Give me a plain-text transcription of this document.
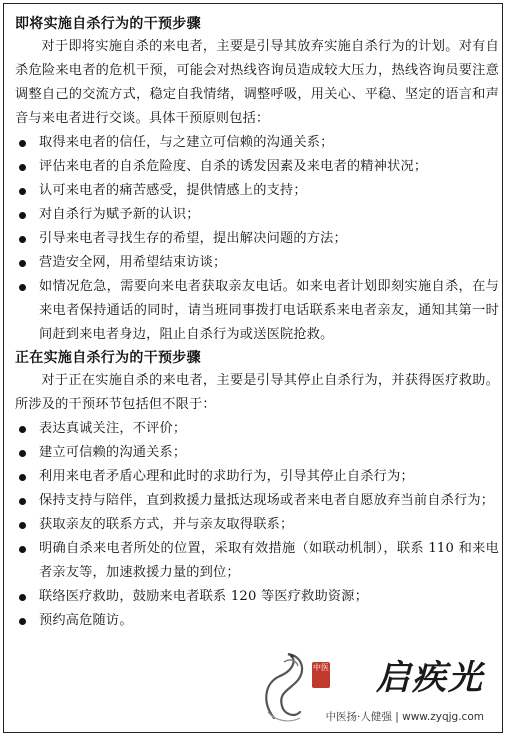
即将实施自杀行为的干预步骤

对于即将实施自杀的来电者，主要是引导其放弃实施自杀行为的计划。对有自杀危险来电者的危机干预，可能会对热线咨询员造成较大压力，热线咨询员要注意调整自己的交流方式，稳定自我情绪，调整呼吸，用关心、平稳、坚定的语言和声音与来电者进行交谈。具体干预原则包括：

取得来电者的信任，与之建立可信赖的沟通关系；
评估来电者的自杀危险度、自杀的诱发因素及来电者的精神状况；
认可来电者的痛苦感受，提供情感上的支持；
对自杀行为赋予新的认识；
引导来电者寻找生存的希望，提出解决问题的方法；
营造安全网，用希望结束访谈；
如情况危急，需要向来电者获取亲友电话。如来电者计划即刻实施自杀，在与来电者保持通话的同时，请当班同事拨打电话联系来电者亲友，通知其第一时间赶到来电者身边，阻止自杀行为或送医院抢救。
正在实施自杀行为的干预步骤

对于正在实施自杀的来电者，主要是引导其停止自杀行为，并获得医疗救助。所涉及的干预环节包括但不限于：

表达真诚关注，不评价；
建立可信赖的沟通关系；
利用来电者矛盾心理和此时的求助行为，引导其停止自杀行为；
保持支持与陪伴，直到救援力量抵达现场或者来电者自愿放弃当前自杀行为；
获取亲友的联系方式，并与亲友取得联系；
明确自杀来电者所处的位置，采取有效措施（如联动机制），联系 110 和来电者亲友等，加速救援力量的到位；
联络医疗救助，鼓励来电者联系 120 等医疗救助资源；
预约高危随访。
中医 启疾光
中医扬·人健强 | www.zyqjg.com
